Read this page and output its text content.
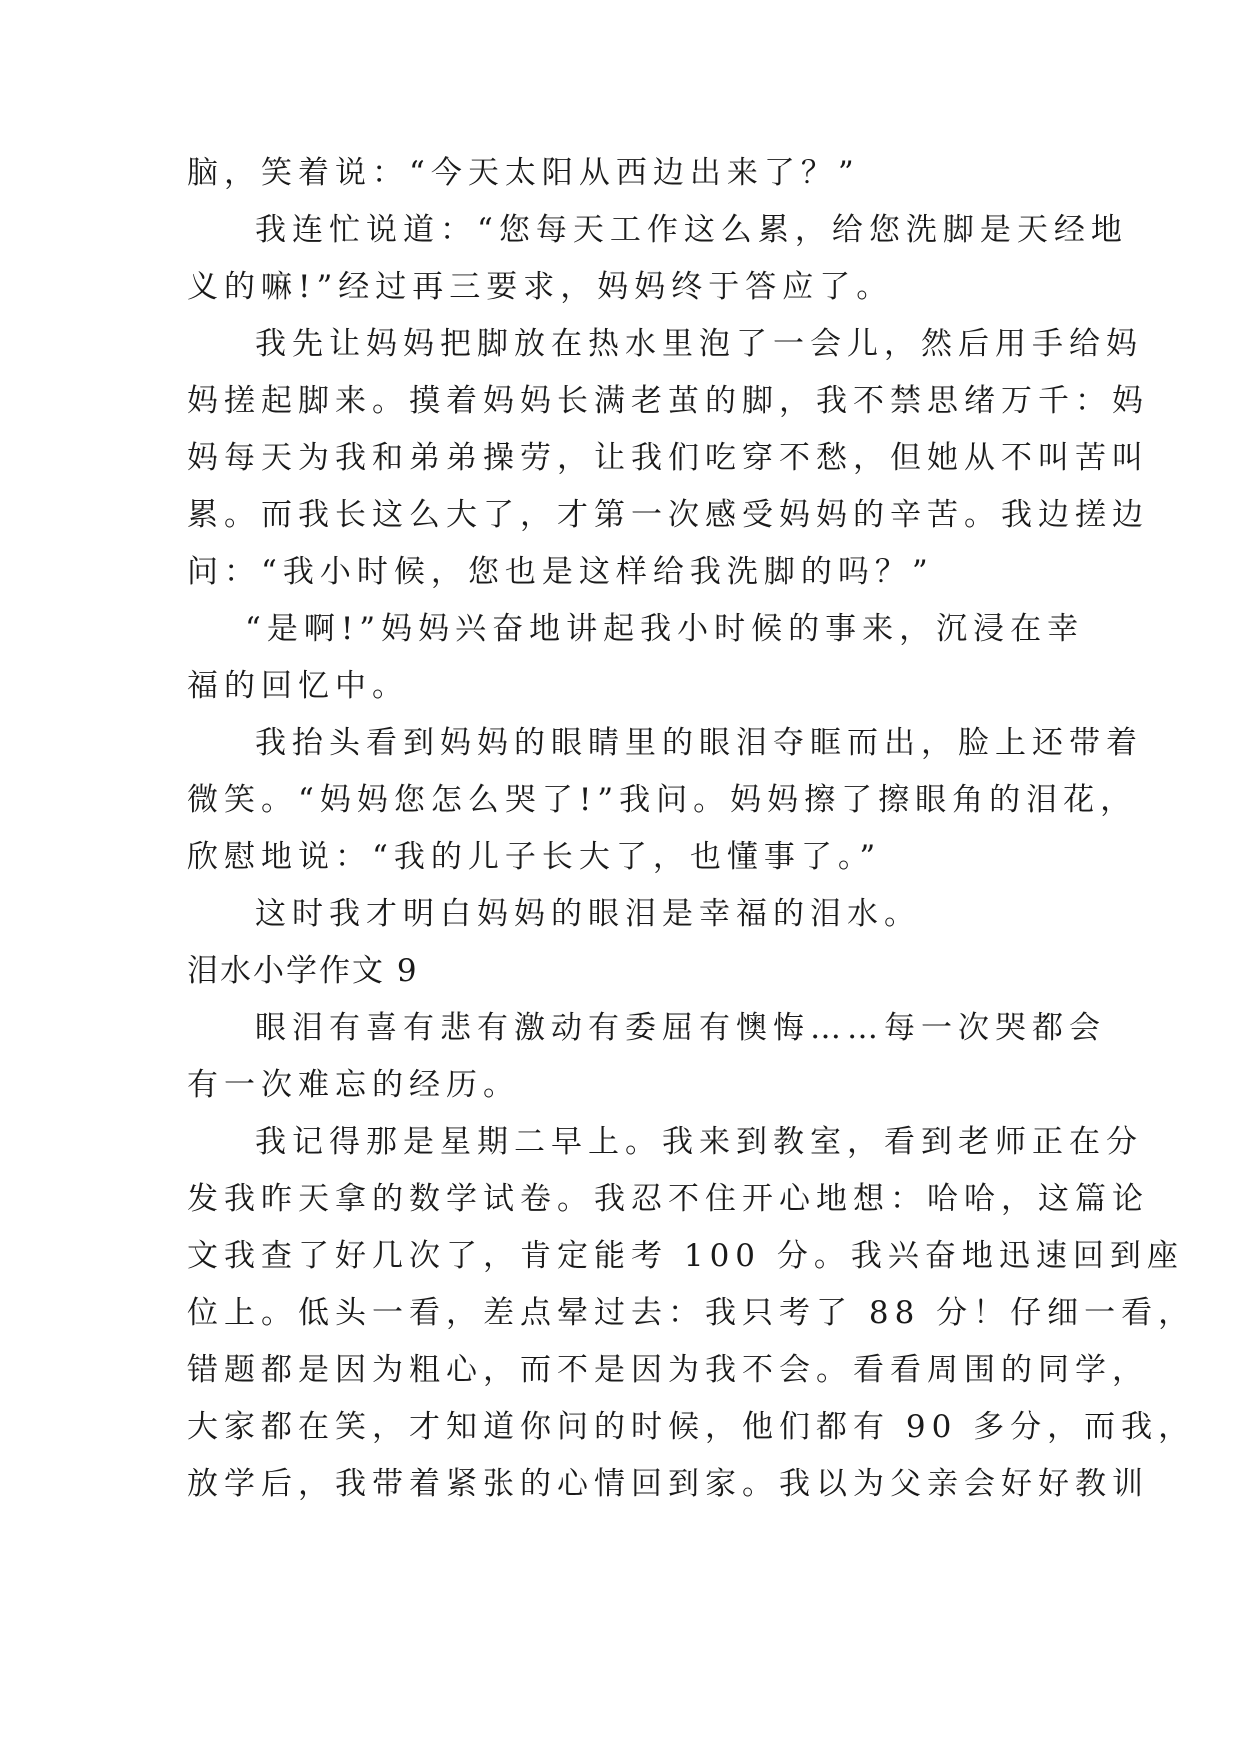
脑，笑着说：“今天太阳从西边出来了？”
我连忙说道：“您每天工作这么累，给您洗脚是天经地
义的嘛!”经过再三要求，妈妈终于答应了。
我先让妈妈把脚放在热水里泡了一会儿，然后用手给妈
妈搓起脚来。摸着妈妈长满老茧的脚，我不禁思绪万千：妈
妈每天为我和弟弟操劳，让我们吃穿不愁，但她从不叫苦叫
累。而我长这么大了，才第一次感受妈妈的辛苦。我边搓边
问：“我小时候，您也是这样给我洗脚的吗？”
“是啊!”妈妈兴奋地讲起我小时候的事来，沉浸在幸
福的回忆中。
我抬头看到妈妈的眼睛里的眼泪夺眶而出，脸上还带着
微笑。“妈妈您怎么哭了!”我问。妈妈擦了擦眼角的泪花，
欣慰地说：“我的儿子长大了，也懂事了。”
这时我才明白妈妈的眼泪是幸福的泪水。
泪水小学作文 9
眼泪有喜有悲有激动有委屈有懊悔……每一次哭都会
有一次难忘的经历。
我记得那是星期二早上。我来到教室，看到老师正在分
发我昨天拿的数学试卷。我忍不住开心地想：哈哈，这篇论
文我查了好几次了，肯定能考 100 分。我兴奋地迅速回到座
位上。低头一看，差点晕过去：我只考了 88 分！仔细一看，
错题都是因为粗心，而不是因为我不会。看看周围的同学，
大家都在笑，才知道你问的时候，他们都有 90 多分，而我，
放学后，我带着紧张的心情回到家。我以为父亲会好好教训
